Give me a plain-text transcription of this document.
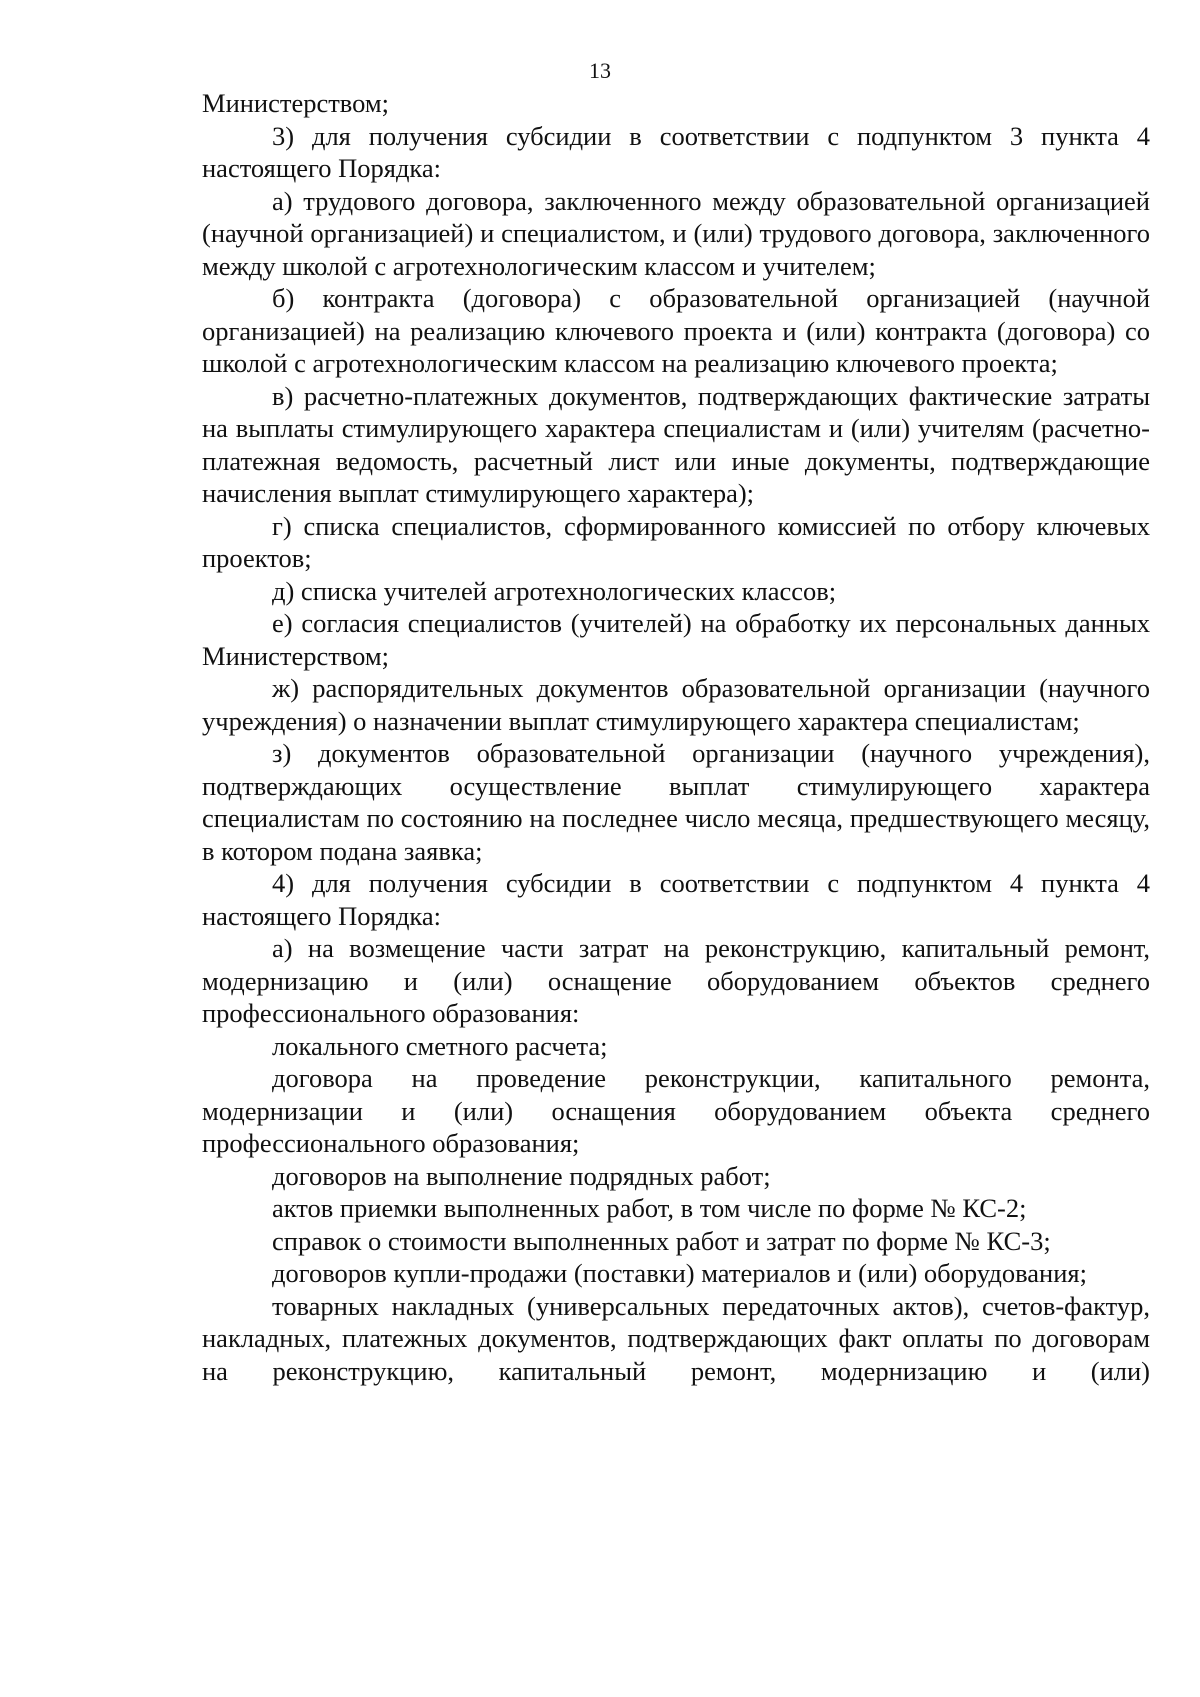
13

Министерством;

3) для получения субсидии в соответствии с подпунктом 3 пункта 4 настоящего Порядка:

а) трудового договора, заключенного между образовательной организацией (научной организацией) и специалистом, и (или) трудового договора, заключенного между школой с агротехнологическим классом и учителем;

б) контракта (договора) с образовательной организацией (научной организацией) на реализацию ключевого проекта и (или) контракта (договора) со школой с агротехнологическим классом на реализацию ключевого проекта;

в) расчетно-платежных документов, подтверждающих фактические затраты на выплаты стимулирующего характера специалистам и (или) учителям (расчетно-платежная ведомость, расчетный лист или иные документы, подтверждающие начисления выплат стимулирующего характера);

г) списка специалистов, сформированного комиссией по отбору ключевых проектов;

д) списка учителей агротехнологических классов;

е) согласия специалистов (учителей) на обработку их персональных данных Министерством;

ж) распорядительных документов образовательной организации (научного учреждения) о назначении выплат стимулирующего характера специалистам;

з) документов образовательной организации (научного учреждения), подтверждающих осуществление выплат стимулирующего характера специалистам по состоянию на последнее число месяца, предшествующего месяцу, в котором подана заявка;

4) для получения субсидии в соответствии с подпунктом 4 пункта 4 настоящего Порядка:

а) на возмещение части затрат на реконструкцию, капитальный ремонт, модернизацию и (или) оснащение оборудованием объектов среднего профессионального образования:

локального сметного расчета;

договора на проведение реконструкции, капитального ремонта, модернизации и (или) оснащения оборудованием объекта среднего профессионального образования;

договоров на выполнение подрядных работ;

актов приемки выполненных работ, в том числе по форме № КС-2;

справок о стоимости выполненных работ и затрат по форме № КС-3;

договоров купли-продажи (поставки) материалов и (или) оборудования;

товарных накладных (универсальных передаточных актов), счетов-фактур, накладных, платежных документов, подтверждающих факт оплаты по договорам на реконструкцию, капитальный ремонт, модернизацию и (или)
